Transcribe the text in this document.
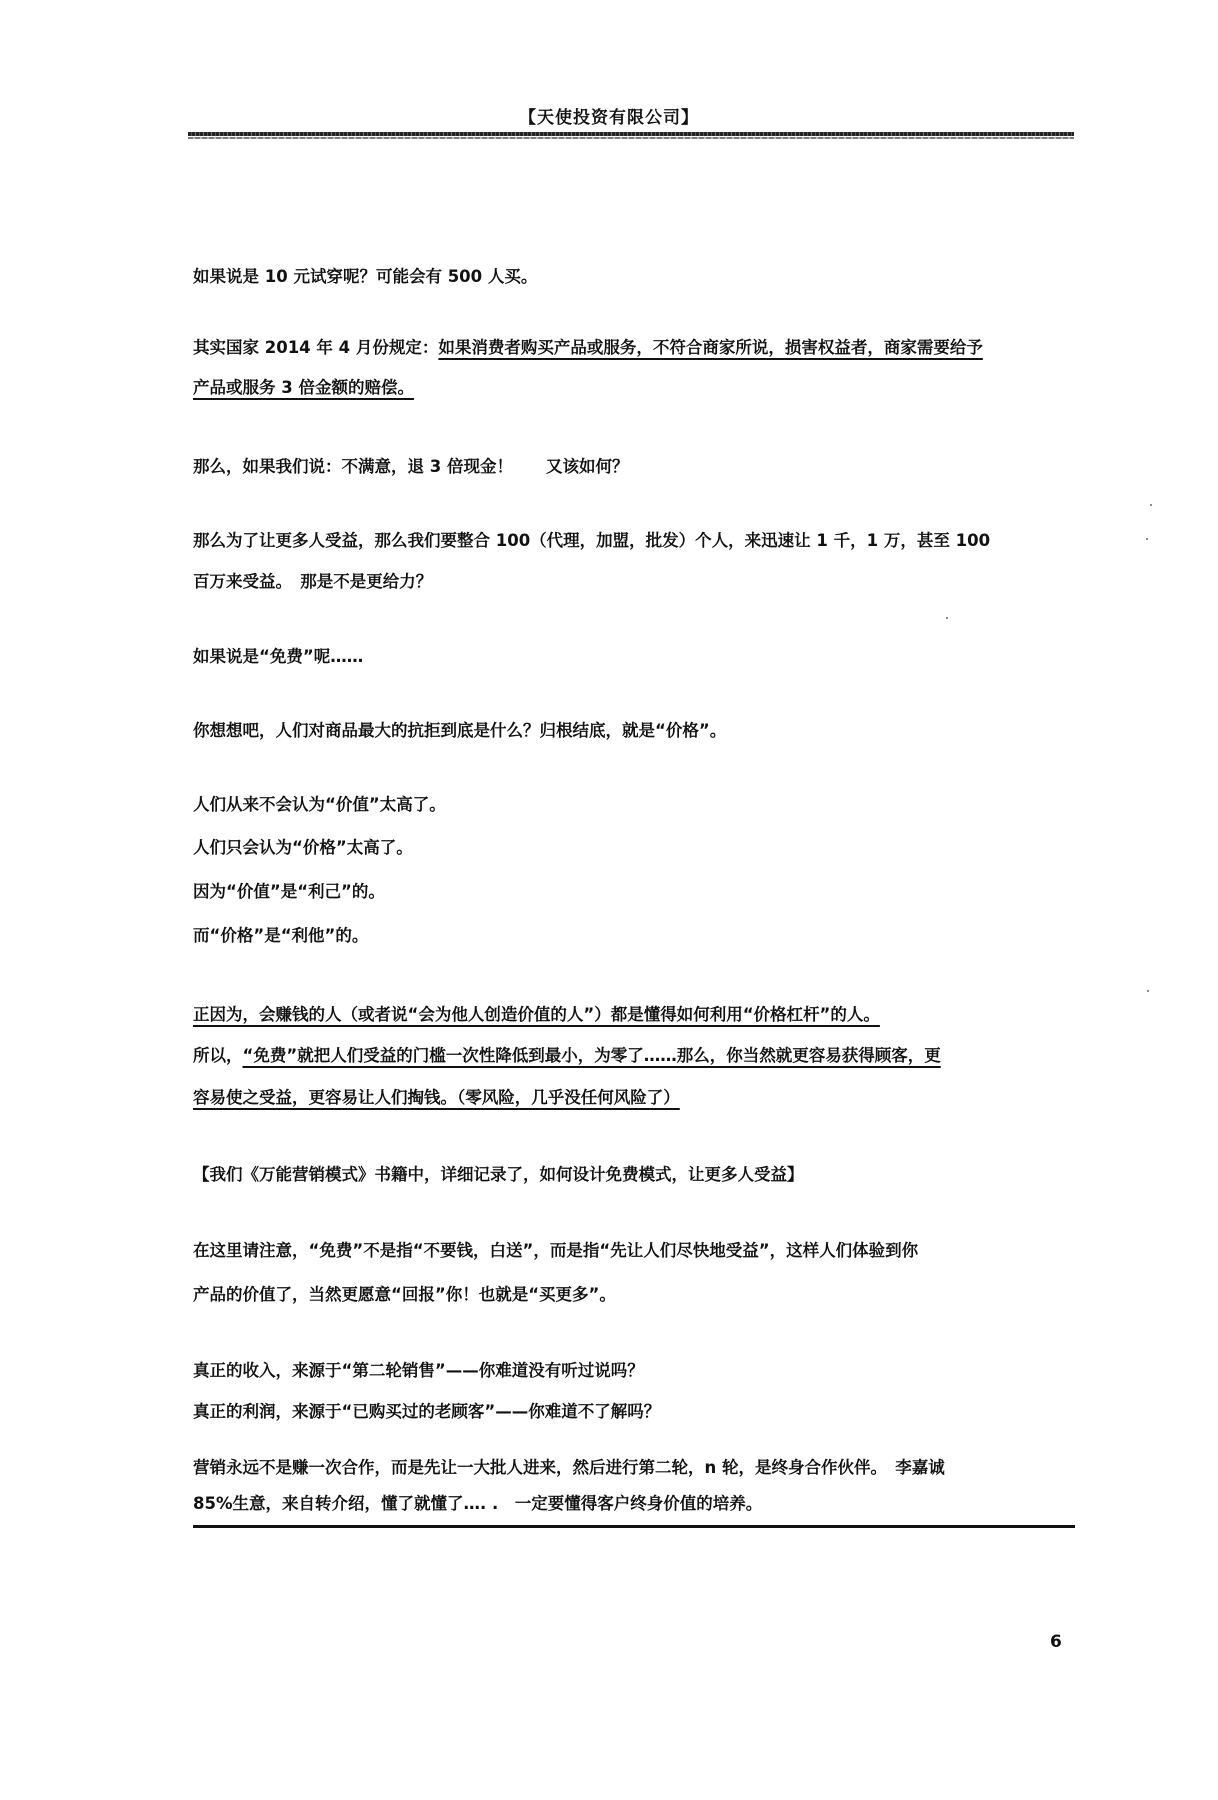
【天使投资有限公司】
如果说是 10 元试穿呢？可能会有 500 人买。
其实国家 2014 年 4 月份规定：如果消费者购买产品或服务，不符合商家所说，损害权益者，商家需要给予
产品或服务 3 倍金额的赔偿。
那么，如果我们说：不满意，退 3 倍现金！　　又该如何？
那么为了让更多人受益，那么我们要整合 100（代理，加盟，批发）个人，来迅速让 1 千，1 万，甚至 100
百万来受益。　那是不是更给力？
如果说是“免费”呢……
你想想吧，人们对商品最大的抗拒到底是什么？归根结底，就是“价格”。
人们从来不会认为“价值”太高了。
人们只会认为“价格”太高了。
因为“价值”是“利己”的。
而“价格”是“利他”的。
正因为，会赚钱的人（或者说“会为他人创造价值的人”）都是懂得如何利用“价格杠杆”的人。
所以，“免费”就把人们受益的门槛一次性降低到最小，为零了……那么，你当然就更容易获得顾客，更
容易使之受益，更容易让人们掏钱。（零风险，几乎没任何风险了）
【我们《万能营销模式》书籍中，详细记录了，如何设计免费模式，让更多人受益】
在这里请注意，“免费”不是指“不要钱，白送”，而是指“先让人们尽快地受益”，这样人们体验到你
产品的价值了，当然更愿意“回报”你！也就是“买更多”。
真正的收入，来源于“第二轮销售”——你难道没有听过说吗？
真正的利润，来源于“已购买过的老顾客”——你难道不了解吗？
营销永远不是赚一次合作，而是先让一大批人进来，然后进行第二轮，n 轮，是终身合作伙伴。　李嘉诚
85%生意，来自转介绍，懂了就懂了…. .　一定要懂得客户终身价值的培养。
6
